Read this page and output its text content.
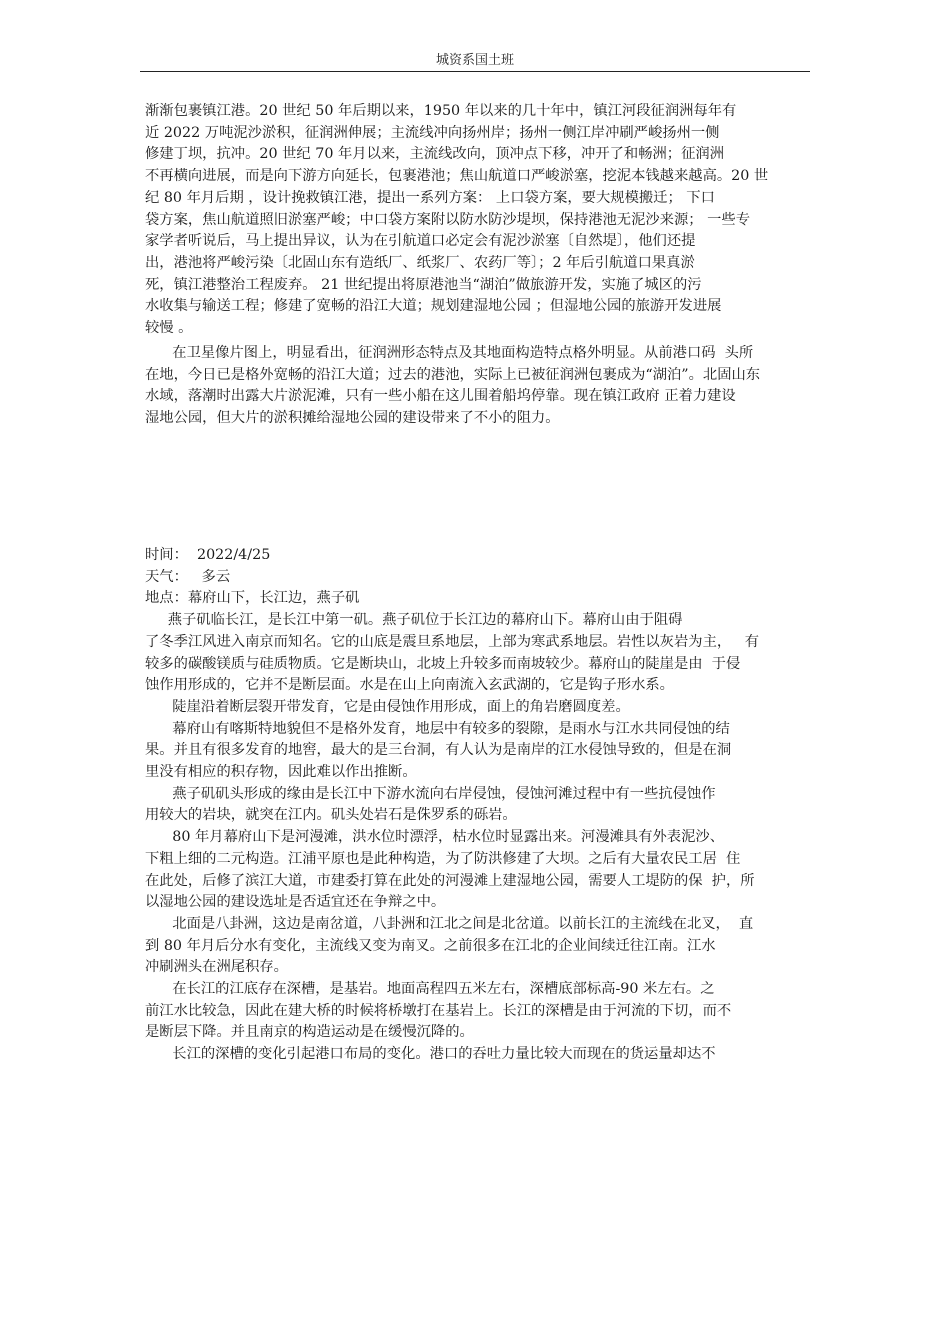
城资系国土班

渐渐包裹镇江港。20 世纪 50 年后期以来，1950 年以来的几十年中，镇江河段征润洲每年有

近 2022 万吨泥沙淤积，征润洲伸展；主流线冲向扬州岸；扬州一侧江岸冲刷严峻扬州一侧

修建丁坝，抗冲。20 世纪 70 年月以来，主流线改向，顶冲点下移，冲开了和畅洲；征润洲

不再横向进展，而是向下游方向延长，包裹港池；焦山航道口严峻淤塞，挖泥本钱越来越高。20 世

纪 80 年月后期 ，设计挽救镇江港，提出一系列方案： 上口袋方案，要大规模搬迁； 下口

袋方案，焦山航道照旧淤塞严峻；中口袋方案附以防水防沙堤坝，保持港池无泥沙来源； 一些专

家学者听说后，马上提出异议，认为在引航道口必定会有泥沙淤塞〔自然堤〕，他们还提

出，港池将严峻污染〔北固山东有造纸厂、纸浆厂、农药厂等〕；2 年后引航道口果真淤

死，镇江港整治工程废弃。 21 世纪提出将原港池当“湖泊”做旅游开发，实施了城区的污

水收集与输送工程；修建了宽畅的沿江大道；规划建湿地公园 ；但湿地公园的旅游开发进展

较慢 。

在卫星像片图上，明显看出，征润洲形态特点及其地面构造特点格外明显。从前港口码  头所

在地，今日已是格外宽畅的沿江大道；过去的港池，实际上已被征润洲包裹成为“湖泊”。北固山东

水域，落潮时出露大片淤泥滩，只有一些小船在这儿围着船坞停靠。现在镇江政府 正着力建设

湿地公园，但大片的淤积摊给湿地公园的建设带来了不小的阻力。

时间：  2022/4/25

天气：   多云

地点：幕府山下，长江边，燕子矶

燕子矶临长江，是长江中第一矶。燕子矶位于长江边的幕府山下。幕府山由于阻碍

了冬季江风进入南京而知名。它的山底是震旦系地层，上部为寒武系地层。岩性以灰岩为主，   有

较多的碳酸镁质与硅质物质。它是断块山，北坡上升较多而南坡较少。幕府山的陡崖是由  于侵

蚀作用形成的，它并不是断层面。水是在山上向南流入玄武湖的，它是钩子形水系。

陡崖沿着断层裂开带发育，它是由侵蚀作用形成，面上的角岩磨圆度差。

幕府山有喀斯特地貌但不是格外发育，地层中有较多的裂隙，是雨水与江水共同侵蚀的结

果。并且有很多发育的地窖，最大的是三台洞，有人认为是南岸的江水侵蚀导致的，但是在洞

里没有相应的积存物，因此难以作出推断。

燕子矶矶头形成的缘由是长江中下游水流向右岸侵蚀，侵蚀河滩过程中有一些抗侵蚀作

用较大的岩块，就突在江内。矶头处岩石是侏罗系的砾岩。

80 年月幕府山下是河漫滩，洪水位时漂浮，枯水位时显露出来。河漫滩具有外表泥沙、

下粗上细的二元构造。江浦平原也是此种构造，为了防洪修建了大坝。之后有大量农民工居  住

在此处，后修了滨江大道，市建委打算在此处的河漫滩上建湿地公园，需要人工堤防的保  护，所

以湿地公园的建设选址是否适宜还在争辩之中。

北面是八卦洲，这边是南岔道，八卦洲和江北之间是北岔道。以前长江的主流线在北叉，  直

到 80 年月后分水有变化，主流线又变为南叉。之前很多在江北的企业间续迁往江南。江水

冲刷洲头在洲尾积存。

在长江的江底存在深槽，是基岩。地面高程四五米左右，深槽底部标高-90 米左右。之

前江水比较急，因此在建大桥的时候将桥墩打在基岩上。长江的深槽是由于河流的下切，而不

是断层下降。并且南京的构造运动是在缓慢沉降的。

长江的深槽的变化引起港口布局的变化。港口的吞吐力量比较大而现在的货运量却达不
